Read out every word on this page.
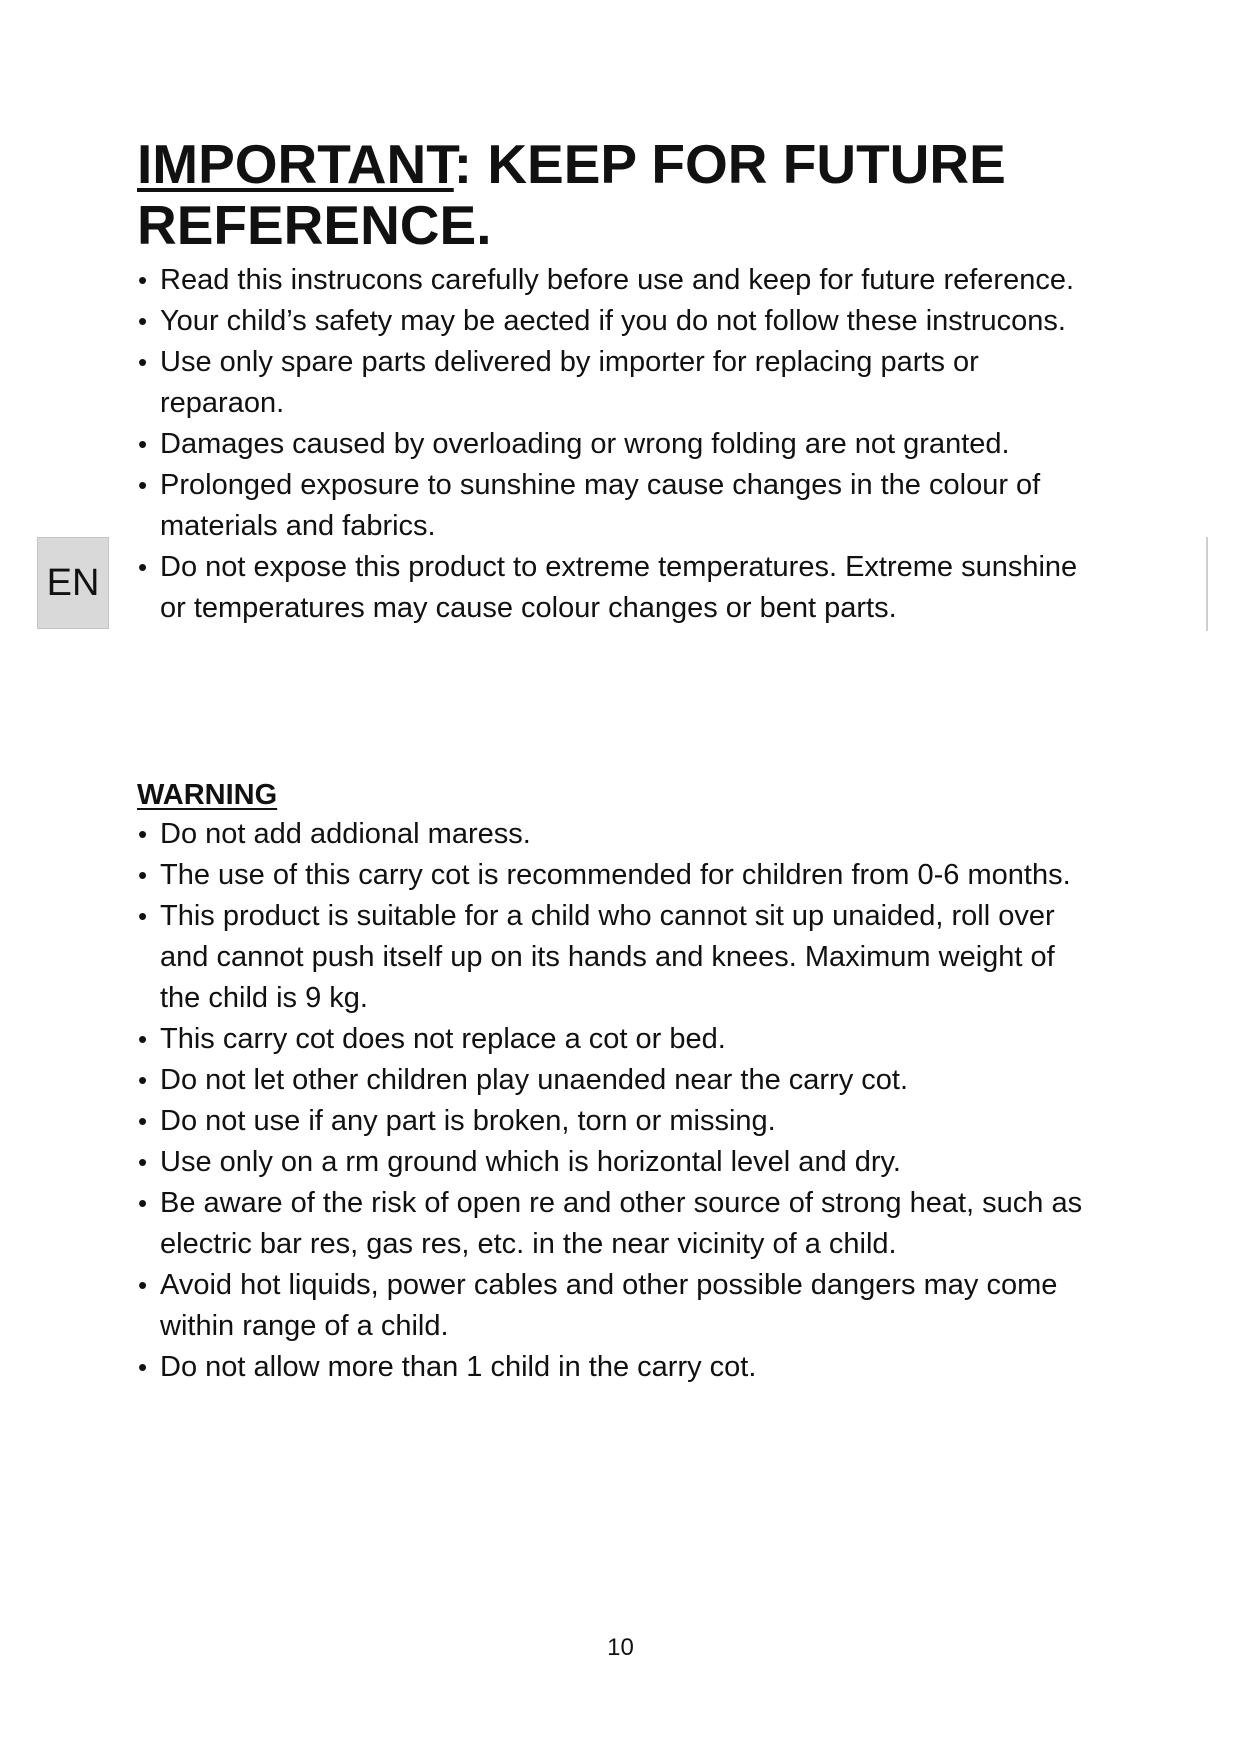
EN
IMPORTANT: KEEP FOR FUTURE REFERENCE.
• Read this instrucons carefully before use and keep for future reference.
• Your child’s safety may be aected if you do not follow these instrucons.
• Use only spare parts delivered by importer for replacing parts or reparaon.
• Damages caused by overloading or wrong folding are not granted.
• Prolonged exposure to sunshine may cause changes in the colour of materials and fabrics.
• Do not expose this product to extreme temperatures. Extreme sunshine or temperatures may cause colour changes or bent parts.
WARNING
• Do not add addional maress.
• The use of this carry cot is recommended for children from 0-6 months.
• This product is suitable for a child who cannot sit up unaided, roll over and cannot push itself up on its hands and knees. Maximum weight of the child is 9 kg.
• This carry cot does not replace a cot or bed.
• Do not let other children play unaended near the carry cot.
• Do not use if any part is broken, torn or missing.
• Use only on a rm ground which is horizontal level and dry.
• Be aware of the risk of open re and other source of strong heat, such as electric bar res, gas res, etc. in the near vicinity of a child.
• Avoid hot liquids, power cables and other possible dangers may come within range of a child.
• Do not allow more than 1 child in the carry cot.
10
